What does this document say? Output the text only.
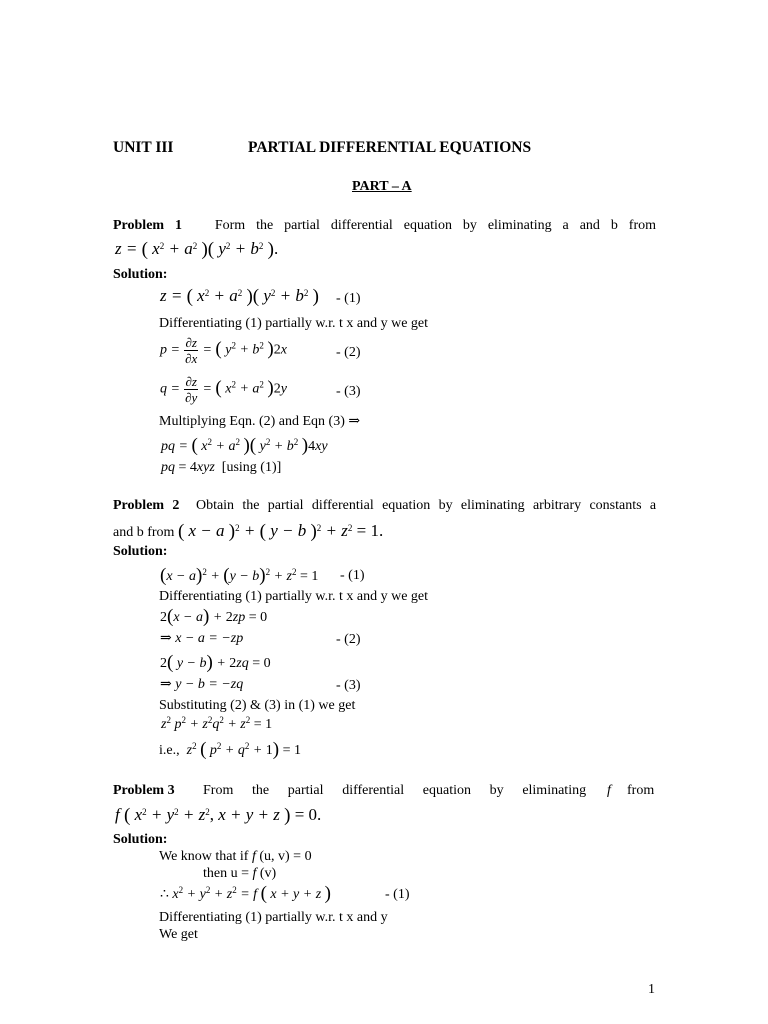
UNIT III	PARTIAL DIFFERENTIAL EQUATIONS
PART – A
Problem 1 Form the partial differential equation by eliminating a and b from
z = ( $x^2 + a^2$ )( $y^2 + b^2$ ).
Solution:
z = ( $x^2 + a^2$ )( $y^2 + b^2$ ) - (1)
Differentiating (1) partially w.r. t x and y we get
$p = \frac{\partial z}{\partial x}$ = ( $y^2 + b^2$ )2x	- (2)
$q = \frac{\partial z}{\partial y}$ = ( $x^2 + a^2$ )2y	- (3)
Multiplying Eqn. (2) and Eqn (3) ⇒
pq = ( $x^2 + a^2$ )( $y^2 + b^2$ )4xy
pq = 4xyz [using (1)]
Problem 2 Obtain the partial differential equation by eliminating arbitrary constants a
and b from ( x − a )$^2$ + ( y − b )$^2 + z^2 = 1$.
Solution:
$(x - a)^2 + (y - b)^2 + z^2 = 1 - (1)$
Differentiating (1) partially w.r. t x and y we get
2(x − a) + 2zp = 0
⇒ x − a = −zp	- (2)
2( y − b) + 2zq = 0
⇒ y − b = −zq	- (3)
Substituting (2) & (3) in (1) we get
$z^2$ $p^2 + z^2q^2 + z^2 = 1$
i.e., $z^2$ ( $p^2 + q^2 + 1) = 1$
Problem 3 From the partial differential equation by eliminating f from
f ( $x^2 + y^2 + z^2$, x + y + z ) = 0.
Solution:
We know that if f (u, v) = 0
then u = f (v)
∴ $x^2 + y^2 + z^2 = f$ ( x + y + z )	- (1)
Differentiating (1) partially w.r. t x and y
We get
1
